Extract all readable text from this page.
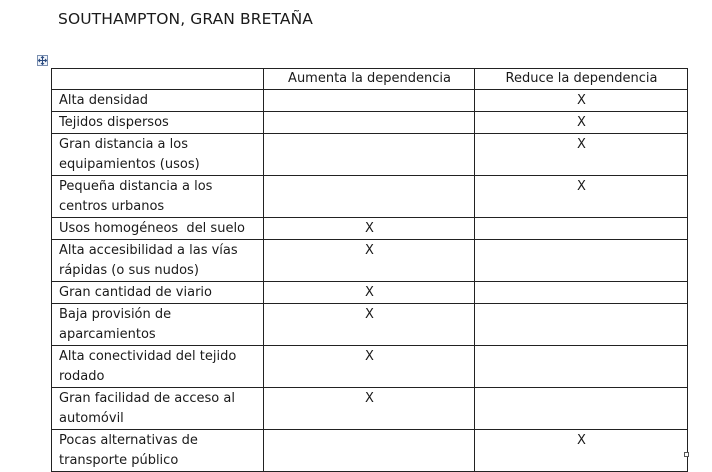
SOUTHAMPTON, GRAN BRETAÑA
	Aumenta la dependencia	Reduce la dependencia
Alta densidad		X
Tejidos dispersos		X
Gran distancia a los equipamientos (usos)		X
Pequeña distancia a los centros urbanos		X
Usos homogéneos  del suelo	X	
Alta accesibilidad a las vías rápidas (o sus nudos)	X	
Gran cantidad de viario	X	
Baja provisión de aparcamientos	X	
Alta conectividad del tejido rodado	X	
Gran facilidad de acceso al automóvil	X	
Pocas alternativas de transporte público		X
